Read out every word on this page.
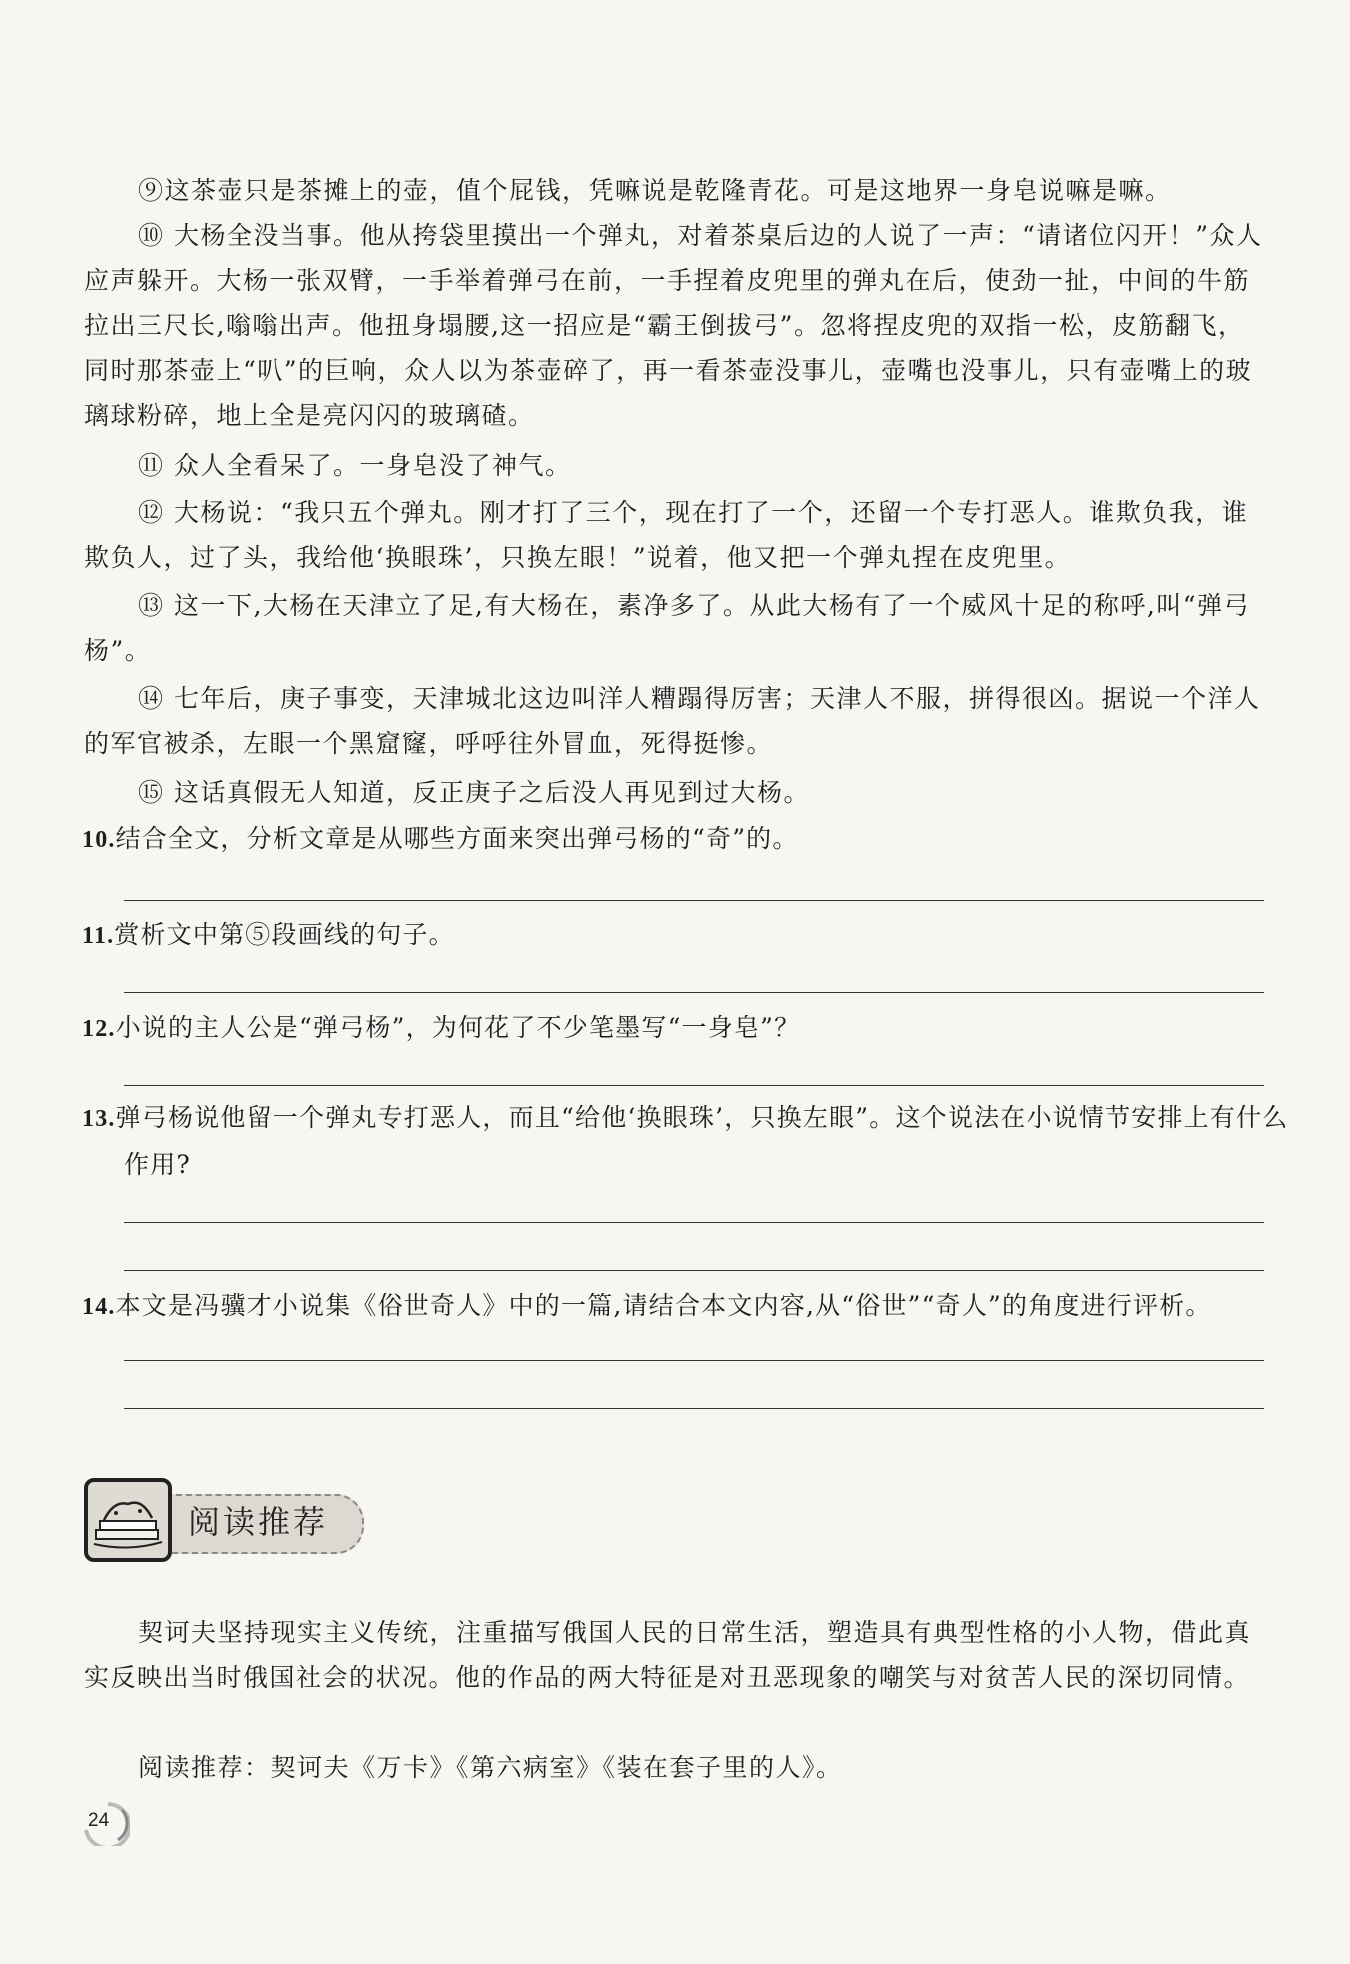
⑨这茶壶只是茶摊上的壶，值个屁钱，凭嘛说是乾隆青花。可是这地界一身皂说嘛是嘛。

⑩ 大杨全没当事。他从挎袋里摸出一个弹丸，对着茶桌后边的人说了一声：“请诸位闪开！”众人应声躲开。大杨一张双臂，一手举着弹弓在前，一手捏着皮兜里的弹丸在后，使劲一扯，中间的牛筋拉出三尺长,嗡嗡出声。他扭身塌腰,这一招应是“霸王倒拔弓”。忽将捏皮兜的双指一松，皮筋翻飞，同时那茶壶上“叭”的巨响，众人以为茶壶碎了，再一看茶壶没事儿，壶嘴也没事儿，只有壶嘴上的玻璃球粉碎，地上全是亮闪闪的玻璃碴。

⑪ 众人全看呆了。一身皂没了神气。

⑫ 大杨说：“我只五个弹丸。刚才打了三个，现在打了一个，还留一个专打恶人。谁欺负我，谁欺负人，过了头，我给他‘换眼珠’，只换左眼！”说着，他又把一个弹丸捏在皮兜里。

⑬ 这一下,大杨在天津立了足,有大杨在，素净多了。从此大杨有了一个威风十足的称呼,叫“弹弓杨”。

⑭ 七年后，庚子事变，天津城北这边叫洋人糟蹋得厉害；天津人不服，拼得很凶。据说一个洋人的军官被杀，左眼一个黑窟窿，呼呼往外冒血，死得挺惨。

⑮ 这话真假无人知道，反正庚子之后没人再见到过大杨。

10.结合全文，分析文章是从哪些方面来突出弹弓杨的“奇”的。

11.赏析文中第⑤段画线的句子。

12.小说的主人公是“弹弓杨”，为何花了不少笔墨写“一身皂”？

13.弹弓杨说他留一个弹丸专打恶人，而且“给他‘换眼珠’，只换左眼”。这个说法在小说情节安排上有什么作用?

14.本文是冯骥才小说集《俗世奇人》中的一篇,请结合本文内容,从“俗世”“奇人”的角度进行评析。

阅读推荐

契诃夫坚持现实主义传统，注重描写俄国人民的日常生活，塑造具有典型性格的小人物，借此真实反映出当时俄国社会的状况。他的作品的两大特征是对丑恶现象的嘲笑与对贫苦人民的深切同情。

阅读推荐：契诃夫《万卡》《第六病室》《装在套子里的人》。

24
